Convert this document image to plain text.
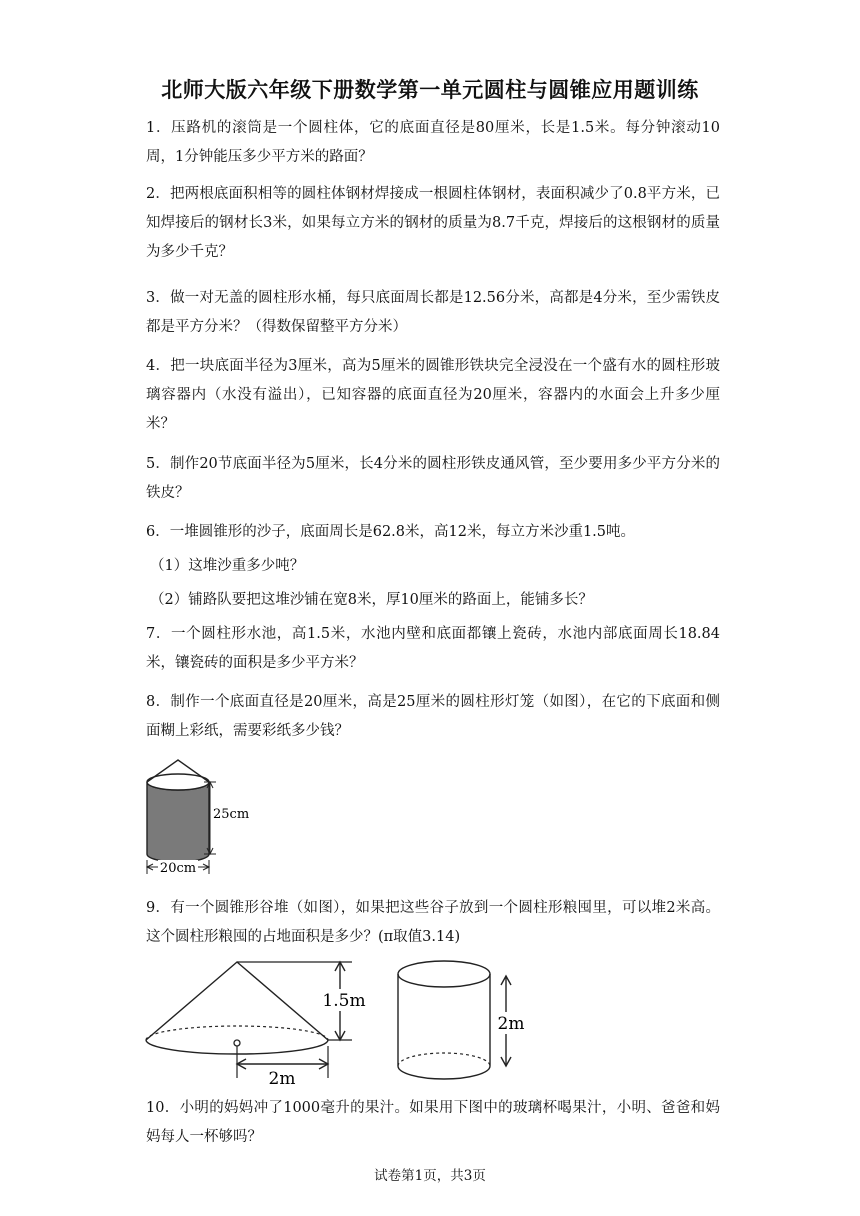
北师大版六年级下册数学第一单元圆柱与圆锥应用题训练
1．压路机的滚筒是一个圆柱体，它的底面直径是80厘米，长是1.5米。每分钟滚动10周，1分钟能压多少平方米的路面？
2．把两根底面积相等的圆柱体钢材焊接成一根圆柱体钢材，表面积减少了0.8平方米，已知焊接后的钢材长3米，如果每立方米的钢材的质量为8.7千克，焊接后的这根钢材的质量为多少千克？
3．做一对无盖的圆柱形水桶，每只底面周长都是12.56分米，高都是4分米，至少需铁皮都是平方分米？（得数保留整平方分米）
4．把一块底面半径为3厘米，高为5厘米的圆锥形铁块完全浸没在一个盛有水的圆柱形玻璃容器内（水没有溢出），已知容器的底面直径为20厘米，容器内的水面会上升多少厘米？
5．制作20节底面半径为5厘米，长4分米的圆柱形铁皮通风管，至少要用多少平方分米的铁皮？
6．一堆圆锥形的沙子，底面周长是62.8米，高12米，每立方米沙重1.5吨。
（1）这堆沙重多少吨？
（2）铺路队要把这堆沙铺在宽8米，厚10厘米的路面上，能铺多长？
7．一个圆柱形水池，高1.5米，水池内壁和底面都镶上瓷砖，水池内部底面周长18.84米，镶瓷砖的面积是多少平方米？
8．制作一个底面直径是20厘米，高是25厘米的圆柱形灯笼（如图），在它的下底面和侧面糊上彩纸，需要彩纸多少钱？
25cm
20cm
9．有一个圆锥形谷堆（如图），如果把这些谷子放到一个圆柱形粮囤里，可以堆2米高。这个圆柱形粮囤的占地面积是多少？(π取值3.14)
1.5m
2m
2m
10．小明的妈妈冲了1000毫升的果汁。如果用下图中的玻璃杯喝果汁，小明、爸爸和妈妈每人一杯够吗？
试卷第1页，共3页
